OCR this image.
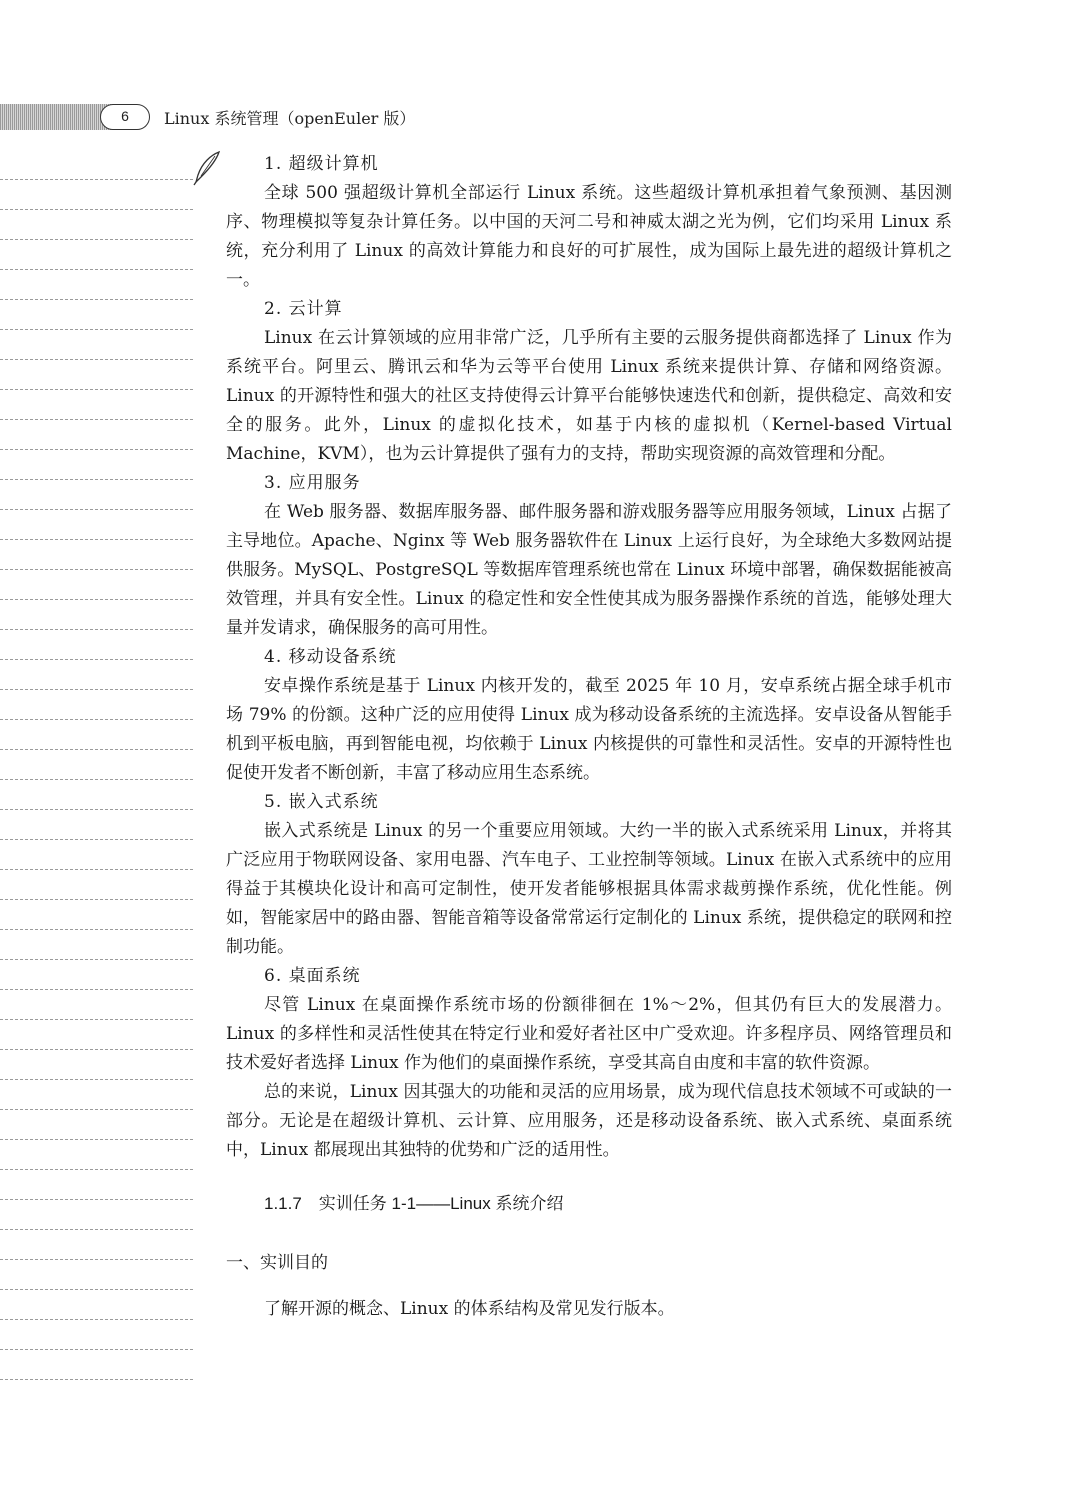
6	Linux 系统管理（openEuler 版）
1. 超级计算机

全球 500 强超级计算机全部运行 Linux 系统。这些超级计算机承担着气象预测、基因测序、物理模拟等复杂计算任务。以中国的天河二号和神威太湖之光为例，它们均采用 Linux 系统，充分利用了 Linux 的高效计算能力和良好的可扩展性，成为国际上最先进的超级计算机之一。

2. 云计算

Linux 在云计算领域的应用非常广泛，几乎所有主要的云服务提供商都选择了 Linux 作为系统平台。阿里云、腾讯云和华为云等平台使用 Linux 系统来提供计算、存储和网络资源。Linux 的开源特性和强大的社区支持使得云计算平台能够快速迭代和创新，提供稳定、高效和安全的服务。此外，Linux 的虚拟化技术，如基于内核的虚拟机（Kernel-based Virtual Machine，KVM），也为云计算提供了强有力的支持，帮助实现资源的高效管理和分配。

3. 应用服务

在 Web 服务器、数据库服务器、邮件服务器和游戏服务器等应用服务领域，Linux 占据了主导地位。Apache、Nginx 等 Web 服务器软件在 Linux 上运行良好，为全球绝大多数网站提供服务。MySQL、PostgreSQL 等数据库管理系统也常在 Linux 环境中部署，确保数据能被高效管理，并具有安全性。Linux 的稳定性和安全性使其成为服务器操作系统的首选，能够处理大量并发请求，确保服务的高可用性。

4. 移动设备系统

安卓操作系统是基于 Linux 内核开发的，截至 2025 年 10 月，安卓系统占据全球手机市场 79% 的份额。这种广泛的应用使得 Linux 成为移动设备系统的主流选择。安卓设备从智能手机到平板电脑，再到智能电视，均依赖于 Linux 内核提供的可靠性和灵活性。安卓的开源特性也促使开发者不断创新，丰富了移动应用生态系统。

5. 嵌入式系统

嵌入式系统是 Linux 的另一个重要应用领域。大约一半的嵌入式系统采用 Linux，并将其广泛应用于物联网设备、家用电器、汽车电子、工业控制等领域。Linux 在嵌入式系统中的应用得益于其模块化设计和高可定制性，使开发者能够根据具体需求裁剪操作系统，优化性能。例如，智能家居中的路由器、智能音箱等设备常常运行定制化的 Linux 系统，提供稳定的联网和控制功能。

6. 桌面系统

尽管 Linux 在桌面操作系统市场的份额徘徊在 1%～2%，但其仍有巨大的发展潜力。Linux 的多样性和灵活性使其在特定行业和爱好者社区中广受欢迎。许多程序员、网络管理员和技术爱好者选择 Linux 作为他们的桌面操作系统，享受其高自由度和丰富的软件资源。

总的来说，Linux 因其强大的功能和灵活的应用场景，成为现代信息技术领域不可或缺的一部分。无论是在超级计算机、云计算、应用服务，还是移动设备系统、嵌入式系统、桌面系统中，Linux 都展现出其独特的优势和广泛的适用性。

1.1.7　实训任务 1-1——Linux 系统介绍
一、实训目的

了解开源的概念、Linux 的体系结构及常见发行版本。
